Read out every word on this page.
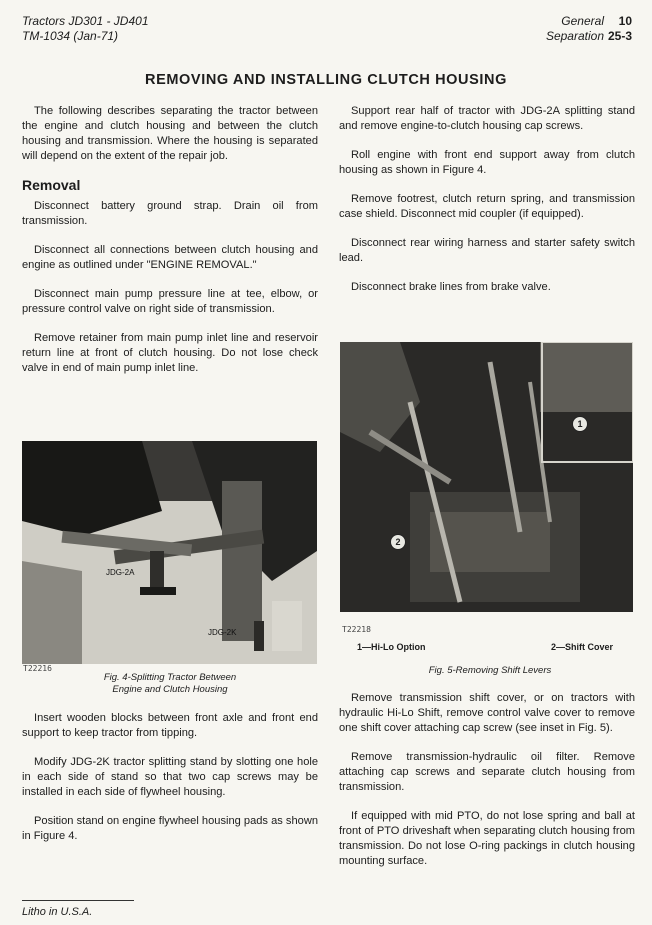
Tractors JD301 - JD401
TM-1034 (Jan-71)
General 10
Separation 25-3
REMOVING AND INSTALLING CLUTCH HOUSING

The following describes separating the tractor between the engine and clutch housing and between the clutch housing and transmission. Where the housing is separated will depend on the extent of the repair job.

Removal

Disconnect battery ground strap. Drain oil from transmission.

Disconnect all connections between clutch housing and engine as outlined under "ENGINE REMOVAL."

Disconnect main pump pressure line at tee, elbow, or pressure control valve on right side of transmission.

Remove retainer from main pump inlet line and reservoir return line at front of clutch housing. Do not lose check valve in end of main pump inlet line.

JDG-2A
JDG-2K
T22216
Fig. 4-Splitting Tractor Between
Engine and Clutch Housing

Insert wooden blocks between front axle and front end support to keep tractor from tipping.

Modify JDG-2K tractor splitting stand by slotting one hole in each side of stand so that two cap screws may be installed in each side of flywheel housing.

Position stand on engine flywheel housing pads as shown in Figure 4.

Support rear half of tractor with JDG-2A splitting stand and remove engine-to-clutch housing cap screws.

Roll engine with front end support away from clutch housing as shown in Figure 4.

Remove footrest, clutch return spring, and transmission case shield. Disconnect mid coupler (if equipped).

Disconnect rear wiring harness and starter safety switch lead.

Disconnect brake lines from brake valve.

1
2
T22218
1—Hi-Lo Option	2—Shift Cover
Fig. 5-Removing Shift Levers

Remove transmission shift cover, or on tractors with hydraulic Hi-Lo Shift, remove control valve cover to remove one shift cover attaching cap screw (see inset in Fig. 5).

Remove transmission-hydraulic oil filter. Remove attaching cap screws and separate clutch housing from transmission.

If equipped with mid PTO, do not lose spring and ball at front of PTO driveshaft when separating clutch housing from transmission. Do not lose O-ring packings in clutch housing mounting surface.

Litho in U.S.A.
